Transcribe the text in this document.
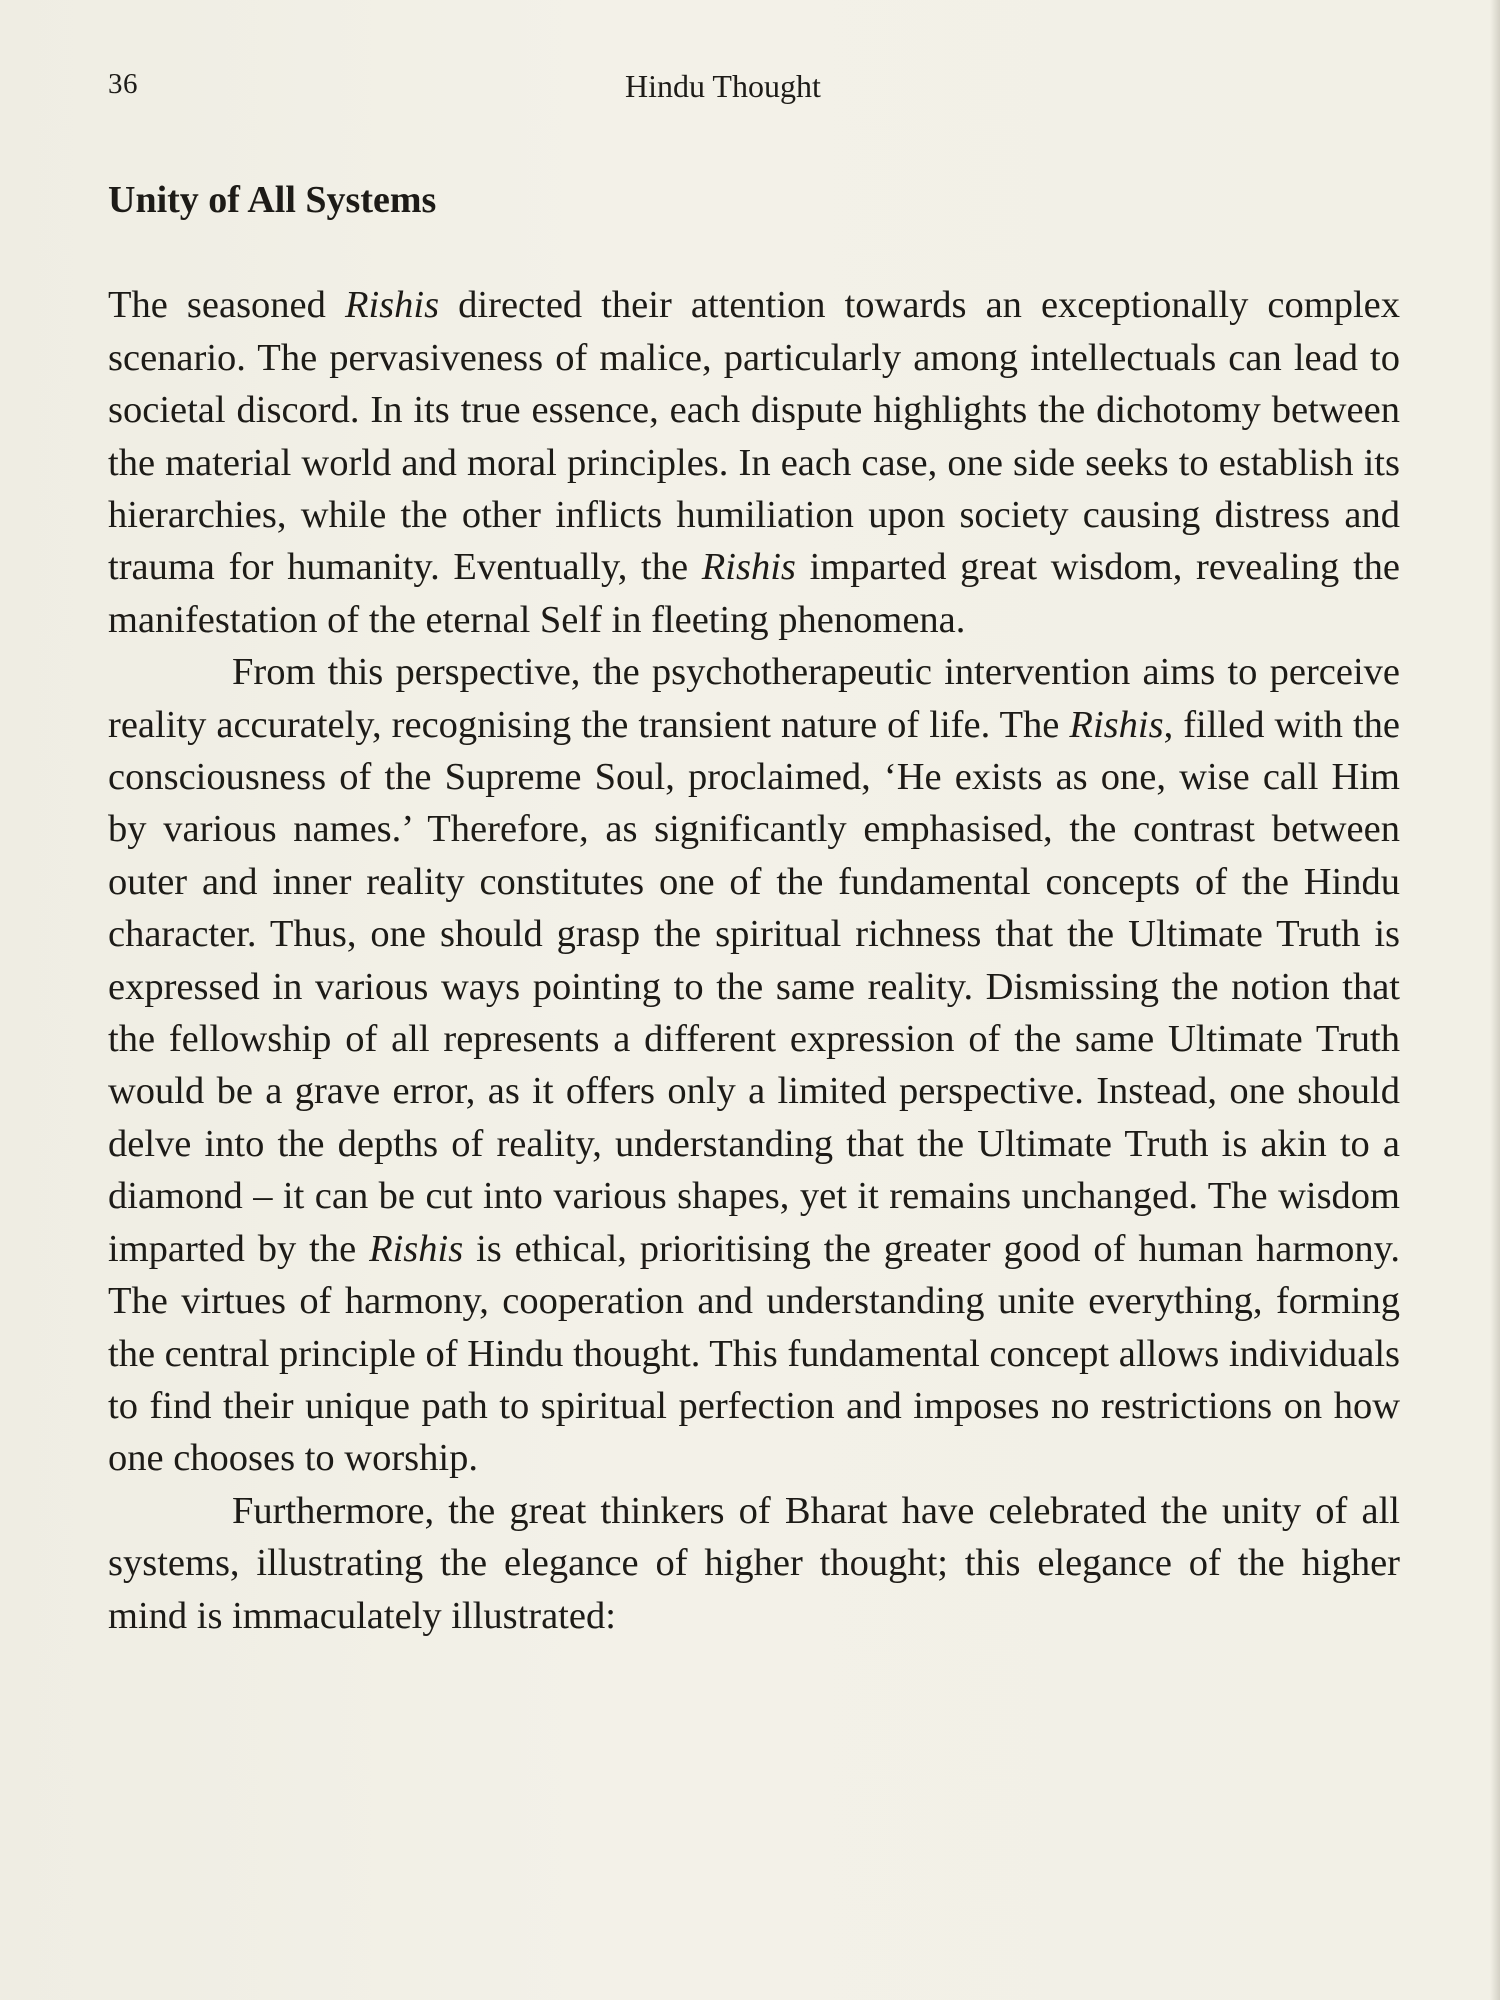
36	Hindu Thought
Unity of All Systems

The seasoned Rishis directed their attention towards an exceptionally complex scenario. The pervasiveness of malice, particularly among intellectuals can lead to societal discord. In its true essence, each dispute highlights the dichotomy between the material world and moral principles. In each case, one side seeks to establish its hierarchies, while the other inflicts humiliation upon society causing distress and trauma for humanity. Eventually, the Rishis imparted great wisdom, revealing the manifestation of the eternal Self in fleeting phenomena.

From this perspective, the psychotherapeutic intervention aims to perceive reality accurately, recognising the transient nature of life. The Rishis, filled with the consciousness of the Supreme Soul, proclaimed, ‘He exists as one, wise call Him by various names.’ Therefore, as significantly emphasised, the contrast between outer and inner reality constitutes one of the fundamental concepts of the Hindu character. Thus, one should grasp the spiritual richness that the Ultimate Truth is expressed in various ways pointing to the same reality. Dismissing the notion that the fellowship of all represents a different expression of the same Ultimate Truth would be a grave error, as it offers only a limited perspective. Instead, one should delve into the depths of reality, understanding that the Ultimate Truth is akin to a diamond – it can be cut into various shapes, yet it remains unchanged. The wisdom imparted by the Rishis is ethical, prioritising the greater good of human harmony. The virtues of harmony, cooperation and understanding unite everything, forming the central principle of Hindu thought. This fundamental concept allows individuals to find their unique path to spiritual perfection and imposes no restrictions on how one chooses to worship.

Furthermore, the great thinkers of Bharat have celebrated the unity of all systems, illustrating the elegance of higher thought; this elegance of the higher mind is immaculately illustrated:
